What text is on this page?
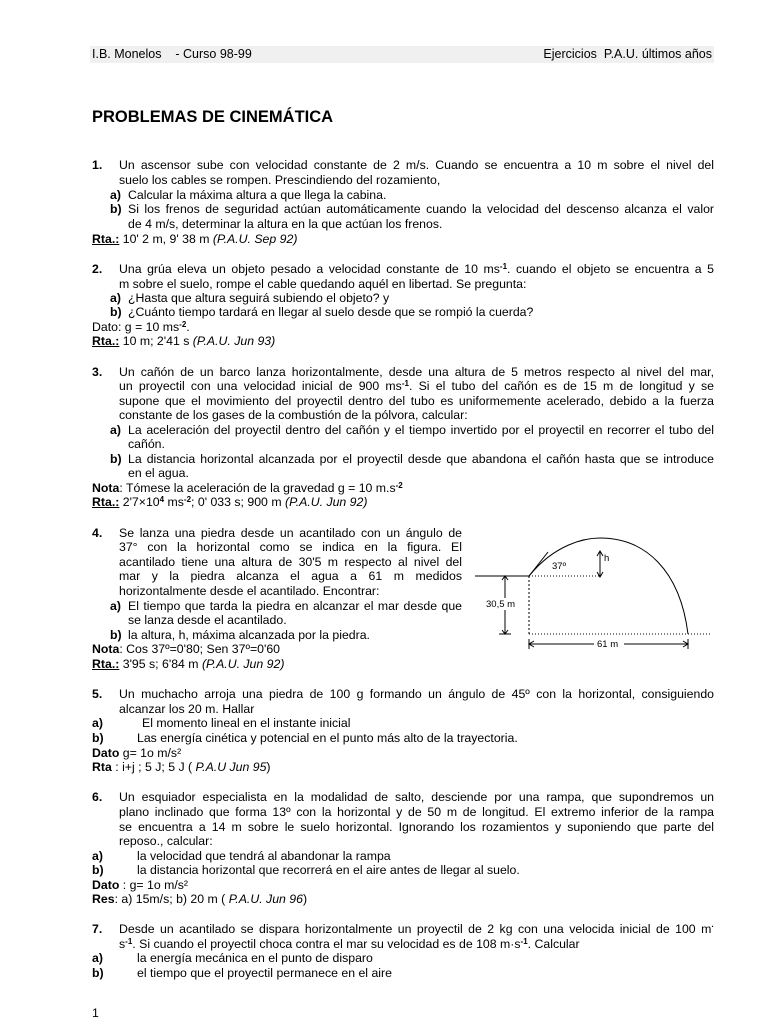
I.B. Monelos    - Curso 98-99	Ejercicios  P.A.U. últimos años
PROBLEMAS DE CINEMÁTICA
1. Un ascensor sube con velocidad constante de 2 m/s. Cuando se encuentra a 10 m sobre el nivel del
suelo los cables se rompen. Prescindiendo del rozamiento,
a) Calcular la máxima altura a que llega la cabina.
b) Si los frenos de seguridad actúan automáticamente cuando la velocidad del descenso alcanza el valor
de 4 m/s, determinar la altura en la que actúan los frenos.
Rta.: 10' 2 m, 9' 38 m (P.A.U. Sep 92)
2. Una grúa eleva un objeto pesado a velocidad constante de 10 $ms^{-1}$. cuando el objeto se encuentra a 5
m sobre el suelo, rompe el cable quedando aquél en libertad. Se pregunta:
a) ¿Hasta que altura seguirá subiendo el objeto? y
b) ¿Cuánto tiempo tardará en llegar al suelo desde que se rompió la cuerda?
Dato: g = 10 $ms^{-2}$.
Rta.: 10 m; 2'41 s (P.A.U. Jun 93)
3. Un cañón de un barco lanza horizontalmente, desde una altura de 5 metros respecto al nivel del mar,
un proyectil con una velocidad inicial de 900 $ms^{-1}$. Si el tubo del cañón es de 15 m de longitud y se
supone que el movimiento del proyectil dentro del tubo es uniformemente acelerado, debido a la fuerza
constante de los gases de la combustión de la pólvora, calcular:
a) La aceleración del proyectil dentro del cañón y el tiempo invertido por el proyectil en recorrer el tubo del
cañón.
b) La distancia horizontal alcanzada por el proyectil desde que abandona el cañón hasta que se introduce
en el agua.
Nota: Tómese la aceleración de la gravedad g = 10 $m.s^{-2}$
Rta.: $2'7\times 10^4$ $ms^{-2}$; 0' 033 s; 900 m (P.A.U. Jun 92)
4. Se lanza una piedra desde un acantilado con un ángulo de
37° con la horizontal como se indica en la figura. El
acantilado tiene una altura de 30'5 m respecto al nivel del
mar y la piedra alcanza el agua a 61 m medidos
horizontalmente desde el acantilado. Encontrar:
a) El tiempo que tarda la piedra en alcanzar el mar desde que
se lanza desde el acantilado.
b) la altura, h, máxima alcanzada por la piedra.
Nota: Cos 37º=0'80; Sen 37º=0'60
Rta.: 3'95 s; 6'84 m (P.A.U. Jun 92)
h
37º
30,5 m
61 m
5. Un muchacho arroja una piedra de 100 g formando un ángulo de 45º con la horizontal, consiguiendo
alcanzar los 20 m. Hallar
a)	El momento lineal en el instante inicial
b)	Las energía cinética y potencial en el punto más alto de la trayectoria.
Dato g= 1o m/s²
Rta : i+j ; 5 J; 5 J ( P.A.U Jun 95)
6. Un esquiador especialista en la modalidad de salto, desciende por una rampa, que supondremos un
plano inclinado que forma 13º con la horizontal y de 50 m de longitud. El extremo inferior de la rampa
se encuentra a 14 m sobre le suelo horizontal. Ignorando los rozamientos y suponiendo que parte del
reposo., calcular:
a)	la velocidad que tendrá al abandonar la rampa
b)	la distancia horizontal que recorrerá en el aire antes de llegar al suelo.
Dato : g= 1o m/s²
Res: a) 15m/s; b) 20 m ( P.A.U. Jun 96)
7. Desde un acantilado se dispara horizontalmente un proyectil de 2 kg con una velocida inicial de 100 m·
$s^{-1}$. Si cuando el proyectil choca contra el mar su velocidad es de 108 $m\cdot s^{-1}$. Calcular
a)	la energía mecánica en el punto de disparo
b)	el tiempo que el proyectil permanece en el aire
1
